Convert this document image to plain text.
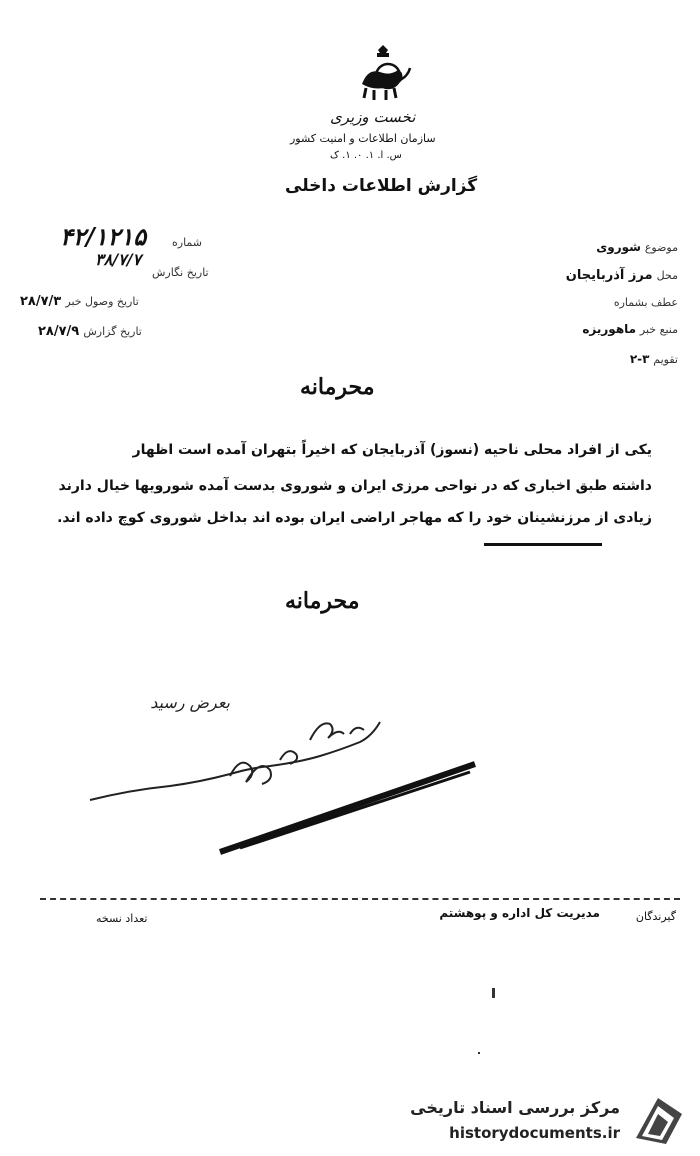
نخست وزیری
سازمان اطلاعات و امنیت کشور
س. ا. ۱. ۰. ۱. ک
گزارش اطلاعات داخلی
۴۲/۱۲۱۵ شماره
۳۸/۷/۷
تاریخ نگارش
تاریخ وصول خبر ۲۸/۷/۳
تاریخ گزارش ۲۸/۷/۹
موضوع شوروی
محل مرز آذربایجان
عطف بشماره
منبع خبر ماهوریزه
تقویم ۳-۲
محرمانه
یکی از افراد محلی ناحیه (نسوز) آذربایجان که اخیراً بتهران آمده است اظهار
داشته طبق اخباری که در نواحی مرزی ایران و شوروی بدست آمده شورویها خیال دارند
زیادی از مرزنشینان خود را که مهاجر اراضی ایران بوده اند بداخل شوروی کوچ داده اند.
محرمانه
بعرض رسید
گیرندگان
مدیریت کل اداره و پوهشتم
تعداد نسخه
مرکز بررسی اسناد تاریخی
historydocuments.ir
